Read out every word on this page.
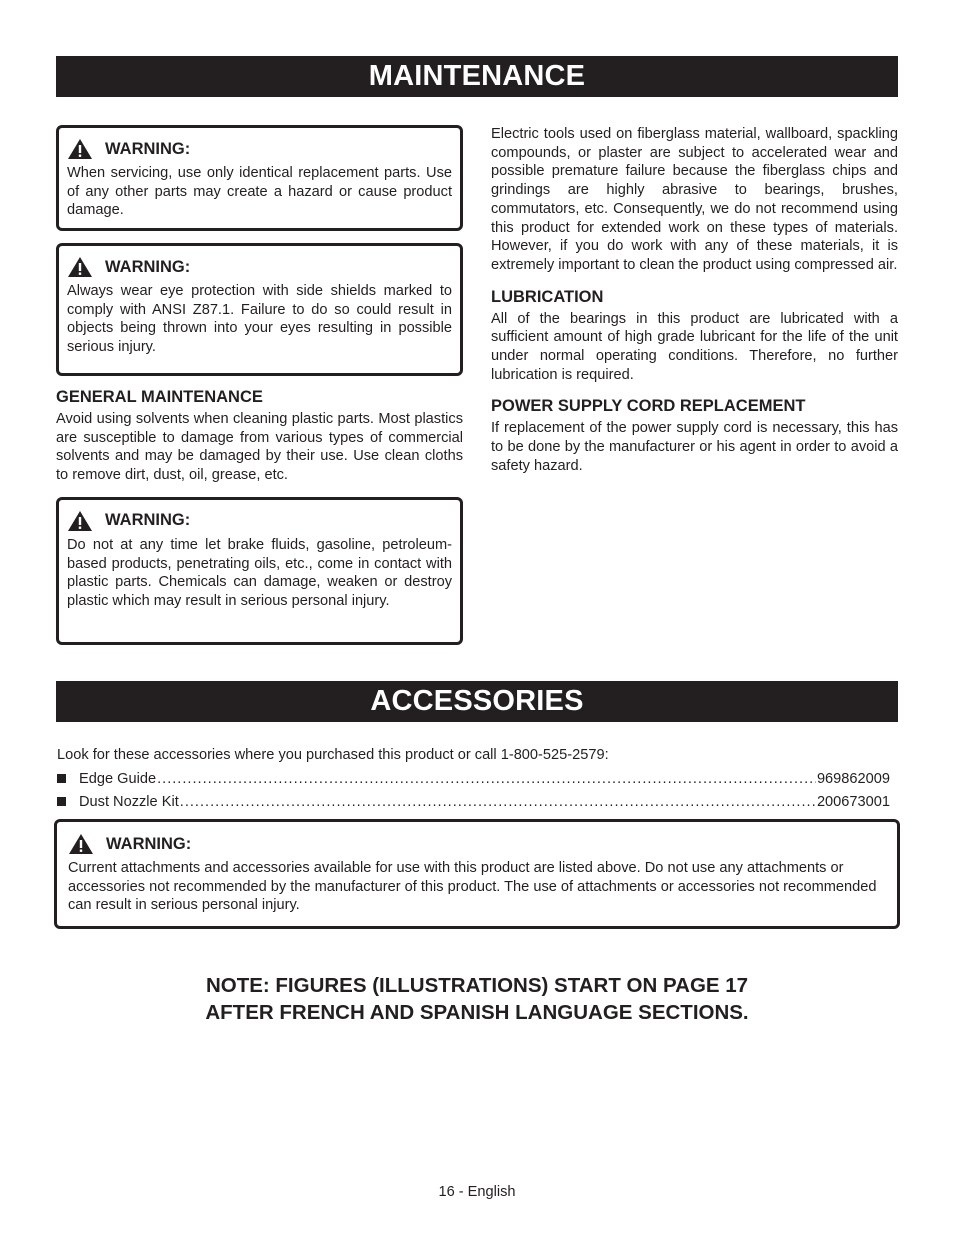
MAINTENANCE
WARNING:
When servicing, use only identical replacement parts. Use of any other parts may create a hazard or cause product damage.
WARNING:
Always wear eye protection with side shields marked to comply with ANSI Z87.1. Failure to do so could result in objects being thrown into your eyes resulting in possible serious injury.
GENERAL MAINTENANCE
Avoid using solvents when cleaning plastic parts. Most plastics are susceptible to damage from various types of commercial solvents and may be damaged by their use. Use clean cloths to remove dirt, dust, oil, grease, etc.
WARNING:
Do not at any time let brake fluids, gasoline, petroleum-based products, penetrating oils, etc., come in contact with plastic parts. Chemicals can damage, weaken or destroy plastic which may result in serious personal injury.
Electric tools used on fiberglass material, wallboard, spackling compounds, or plaster are subject to accelerated wear and possible premature failure because the fiberglass chips and grindings are highly abrasive to bearings, brushes, commutators, etc. Consequently, we do not recommend using this product for extended work on these types of materials. However, if you do work with any of these materials, it is extremely important to clean the product using compressed air.
LUBRICATION
All of the bearings in this product are lubricated with a sufficient amount of high grade lubricant for the life of the unit under normal operating conditions. Therefore, no further lubrication is required.
POWER SUPPLY CORD REPLACEMENT
If replacement of the power supply cord is necessary, this has to be done by the manufacturer or his agent in order to avoid a safety hazard.
ACCESSORIES
Look for these accessories where you purchased this product or call 1-800-525-2579:
Edge Guide .....	969862009
Dust Nozzle Kit .....	200673001
WARNING:
Current attachments and accessories available for use with this product are listed above. Do not use any attachments or accessories not recommended by the manufacturer of this product. The use of attachments or accessories not recommended can result in serious personal injury.
NOTE: FIGURES (ILLUSTRATIONS) START ON PAGE 17
AFTER FRENCH AND SPANISH LANGUAGE SECTIONS.
16 - English
